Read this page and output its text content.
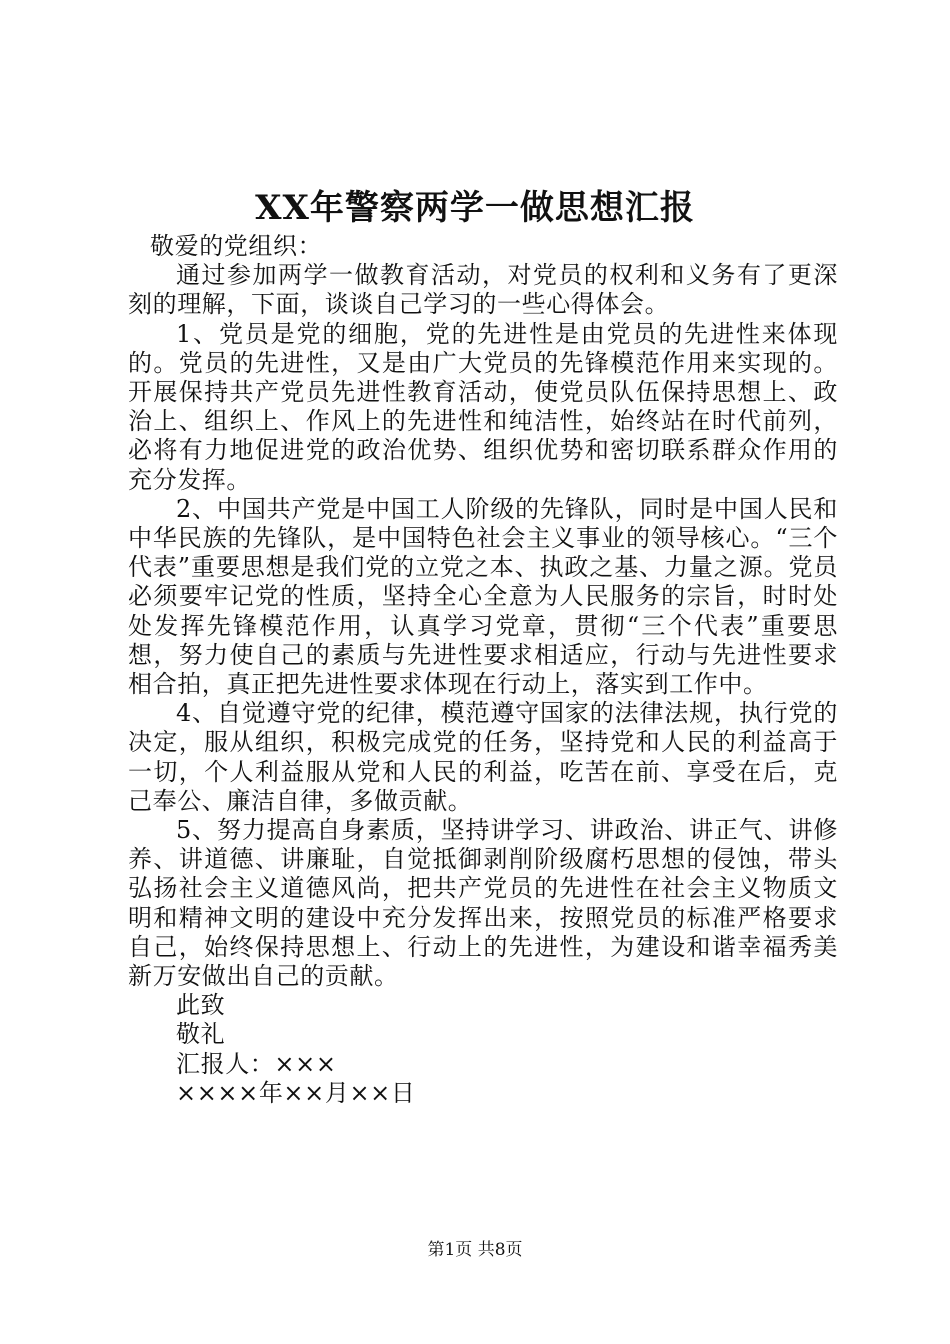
XX年警察两学一做思想汇报

敬爱的党组织：

通过参加两学一做教育活动，对党员的权利和义务有了更深刻的理解，下面，谈谈自己学习的一些心得体会。

1、党员是党的细胞，党的先进性是由党员的先进性来体现的。党员的先进性，又是由广大党员的先锋模范作用来实现的。开展保持共产党员先进性教育活动，使党员队伍保持思想上、政治上、组织上、作风上的先进性和纯洁性，始终站在时代前列，必将有力地促进党的政治优势、组织优势和密切联系群众作用的充分发挥。

2、中国共产党是中国工人阶级的先锋队，同时是中国人民和中华民族的先锋队，是中国特色社会主义事业的领导核心。“三个代表”重要思想是我们党的立党之本、执政之基、力量之源。党员必须要牢记党的性质，坚持全心全意为人民服务的宗旨，时时处处发挥先锋模范作用，认真学习党章，贯彻“三个代表”重要思想，努力使自己的素质与先进性要求相适应，行动与先进性要求相合拍，真正把先进性要求体现在行动上，落实到工作中。

4、自觉遵守党的纪律，模范遵守国家的法律法规，执行党的决定，服从组织，积极完成党的任务，坚持党和人民的利益高于一切，个人利益服从党和人民的利益，吃苦在前、享受在后，克己奉公、廉洁自律，多做贡献。

5、努力提高自身素质，坚持讲学习、讲政治、讲正气、讲修养、讲道德、讲廉耻，自觉抵御剥削阶级腐朽思想的侵蚀，带头弘扬社会主义道德风尚，把共产党员的先进性在社会主义物质文明和精神文明的建设中充分发挥出来，按照党员的标准严格要求自己，始终保持思想上、行动上的先进性，为建设和谐幸福秀美新万安做出自己的贡献。

此致

敬礼

汇报人：×××

××××年××月××日

第1页 共8页
